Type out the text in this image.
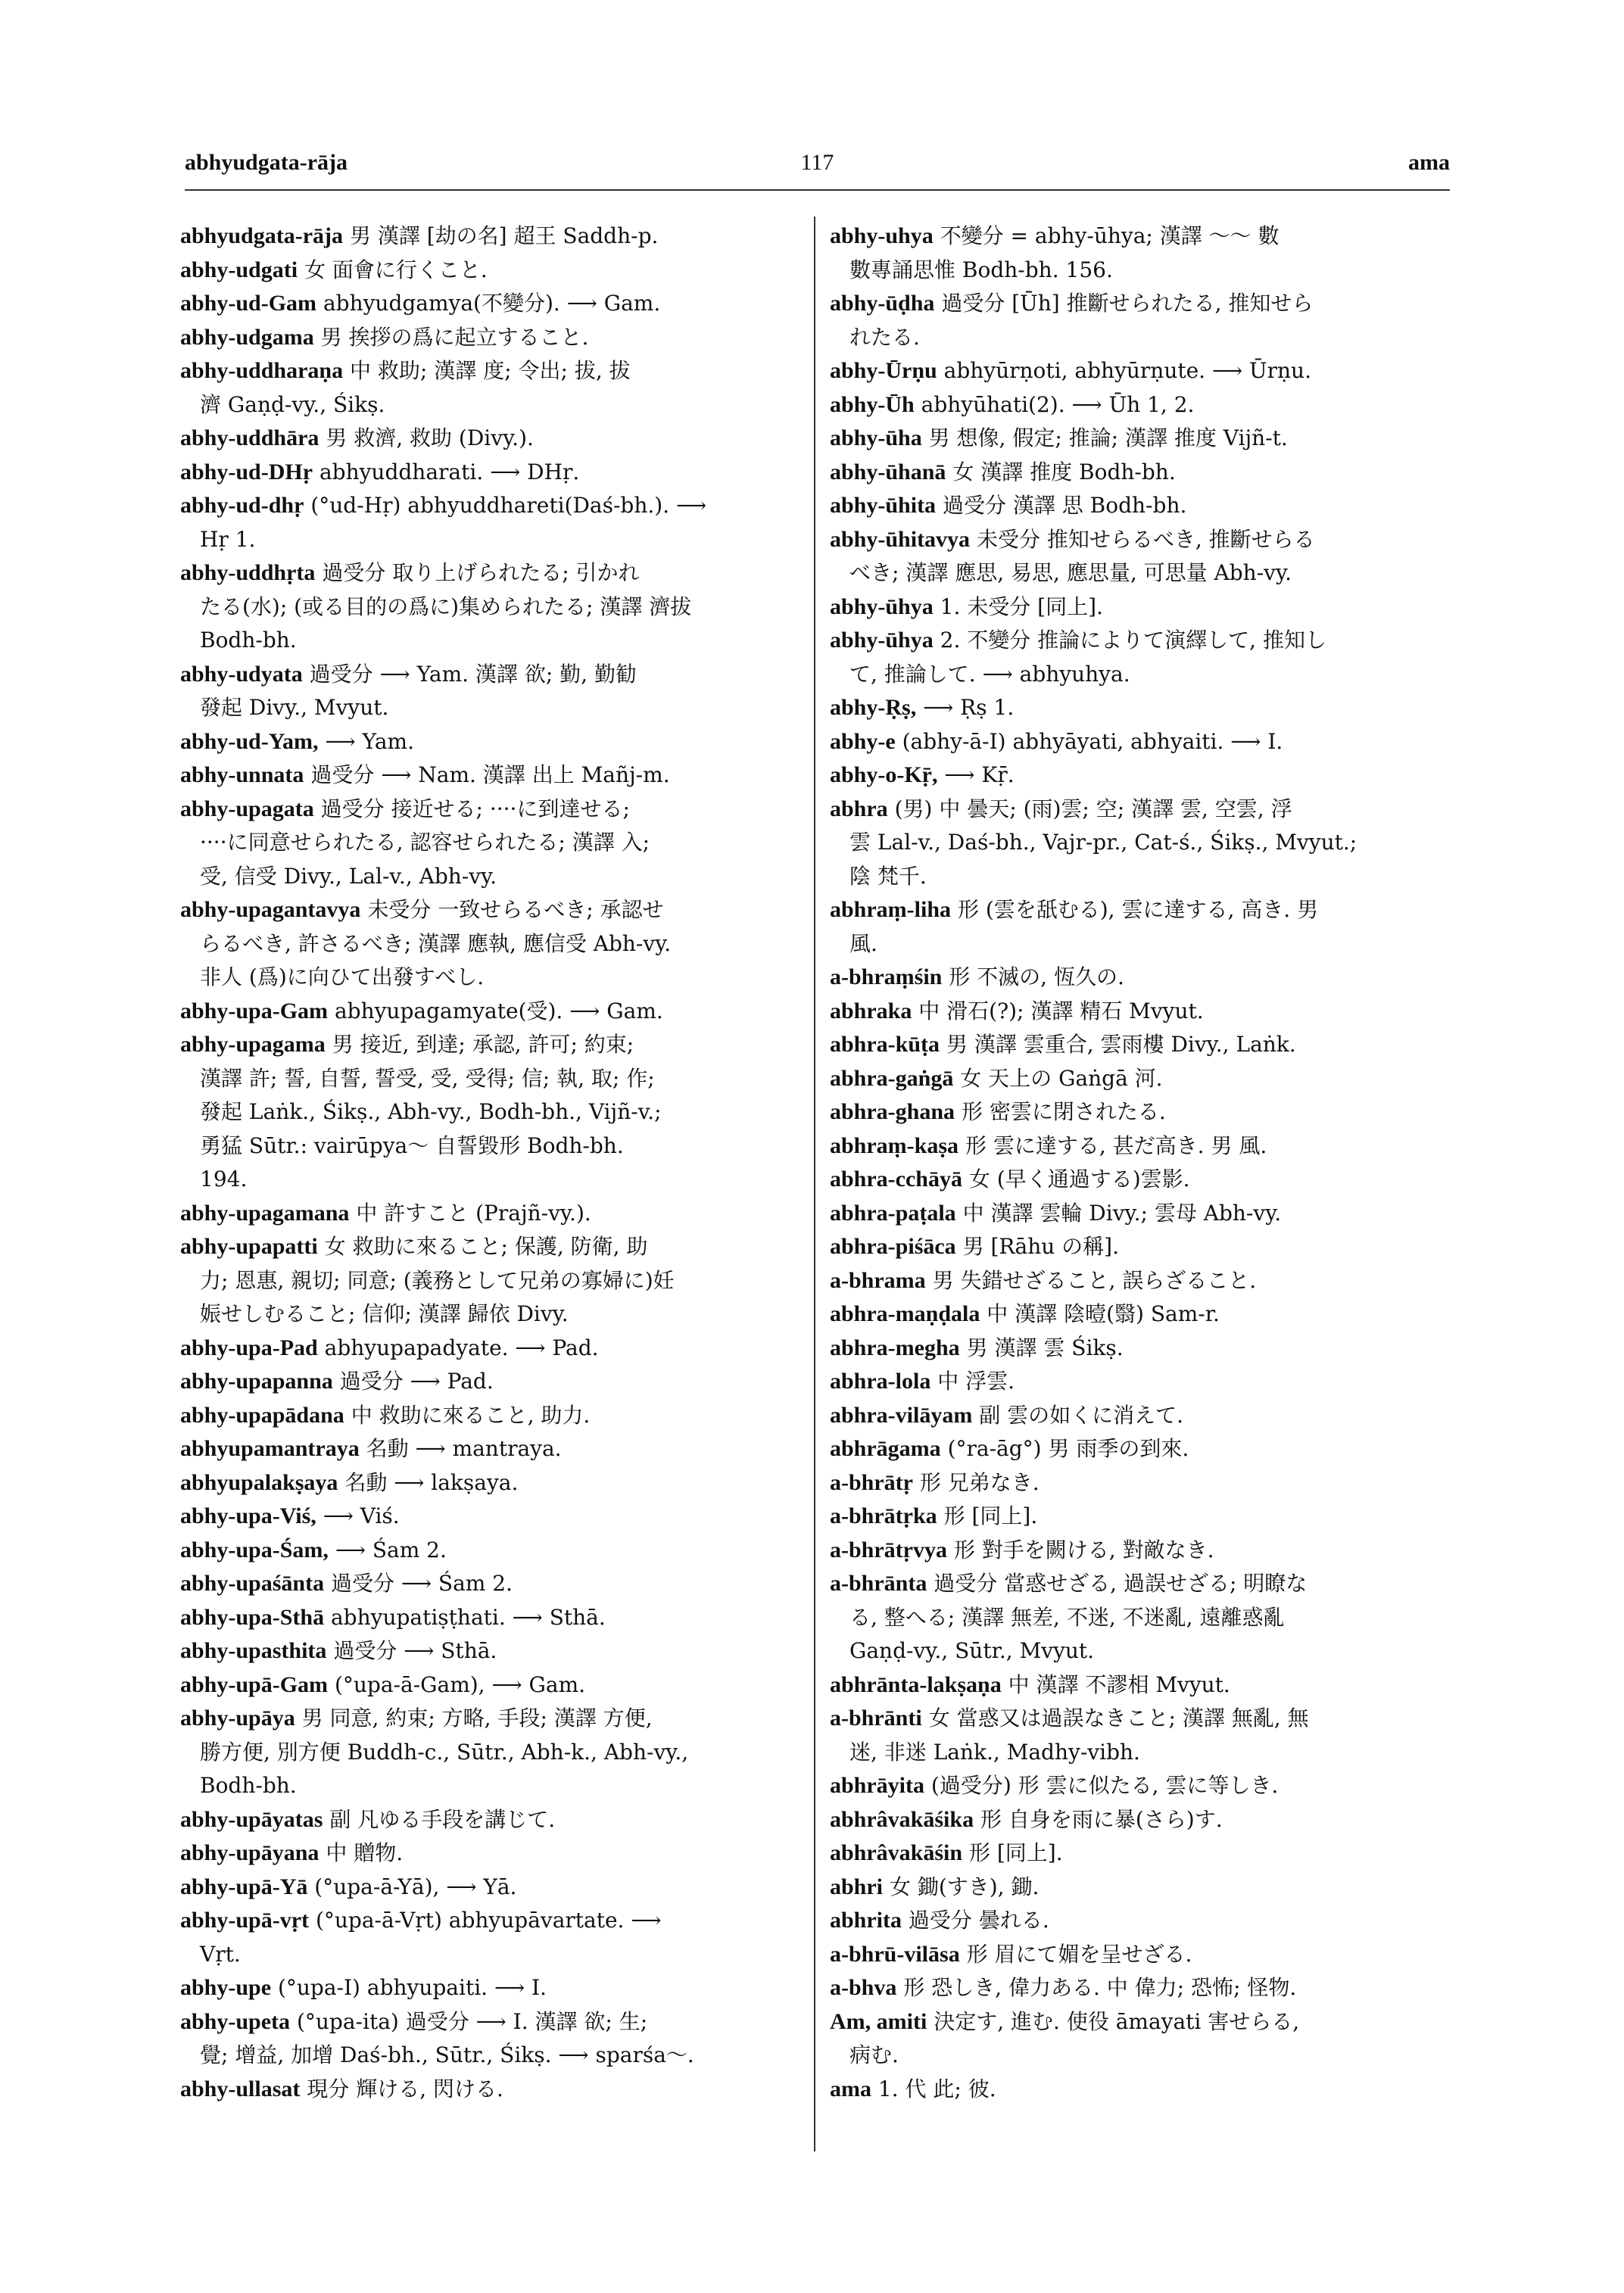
abhyudgata-rāja	117	ama
abhyudgata-rāja 男 漢譯 [劫の名] 超王 Saddh-p.
abhy-udgati 女 面會に行くこと.
abhy-ud-Gam abhyudgamya(不變分). ⟶ Gam.
abhy-udgama 男 挨拶の爲に起立すること.
abhy-uddharaṇa 中 救助; 漢譯 度; 令出; 拔, 拔
濟 Gaṇḍ-vy., Śikṣ.
abhy-uddhāra 男 救濟, 救助 (Divy.).
abhy-ud-DHṛ abhyuddharati. ⟶ DHṛ.
abhy-ud-dhṛ (°ud-Hṛ) abhyuddhareti(Daś-bh.). ⟶
Hṛ 1.
abhy-uddhṛta 過受分 取り上げられたる; 引かれ
たる(水); (或る目的の爲に)集められたる; 漢譯 濟拔
Bodh-bh.
abhy-udyata 過受分 ⟶ Yam. 漢譯 欲; 勤, 勤勧
發起 Divy., Mvyut.
abhy-ud-Yam, ⟶ Yam.
abhy-unnata 過受分 ⟶ Nam. 漢譯 出上 Mañj-m.
abhy-upagata 過受分 接近せる; ····に到達せる;
····に同意せられたる, 認容せられたる; 漢譯 入;
受, 信受 Divy., Lal-v., Abh-vy.
abhy-upagantavya 未受分 一致せらるべき; 承認せ
らるべき, 許さるべき; 漢譯 應執, 應信受 Abh-vy.
非人 (爲)に向ひて出發すべし.
abhy-upa-Gam abhyupagamyate(受). ⟶ Gam.
abhy-upagama 男 接近, 到達; 承認, 許可; 約束;
漢譯 許; 誓, 自誓, 誓受, 受, 受得; 信; 執, 取; 作;
發起 Laṅk., Śikṣ., Abh-vy., Bodh-bh., Vijñ-v.;
勇猛 Sūtr.: vairūpya～ 自誓毀形 Bodh-bh.
194.
abhy-upagamana 中 許すこと (Prajñ-vy.).
abhy-upapatti 女 救助に來ること; 保護, 防衛, 助
力; 恩惠, 親切; 同意; (義務として兄弟の寡婦に)妊
娠せしむること; 信仰; 漢譯 歸依 Divy.
abhy-upa-Pad abhyupapadyate. ⟶ Pad.
abhy-upapanna 過受分 ⟶ Pad.
abhy-upapādana 中 救助に來ること, 助力.
abhyupamantraya 名動 ⟶ mantraya.
abhyupalakṣaya 名動 ⟶ lakṣaya.
abhy-upa-Viś, ⟶ Viś.
abhy-upa-Śam, ⟶ Śam 2.
abhy-upaśānta 過受分 ⟶ Śam 2.
abhy-upa-Sthā abhyupatiṣṭhati. ⟶ Sthā.
abhy-upasthita 過受分 ⟶ Sthā.
abhy-upā-Gam (°upa-ā-Gam), ⟶ Gam.
abhy-upāya 男 同意, 約束; 方略, 手段; 漢譯 方便,
勝方便, 別方便 Buddh-c., Sūtr., Abh-k., Abh-vy.,
Bodh-bh.
abhy-upāyatas 副 凡ゆる手段を講じて.
abhy-upāyana 中 贈物.
abhy-upā-Yā (°upa-ā-Yā), ⟶ Yā.
abhy-upā-vṛt (°upa-ā-Vṛt) abhyupāvartate. ⟶
Vṛt.
abhy-upe (°upa-I) abhyupaiti. ⟶ I.
abhy-upeta (°upa-ita) 過受分 ⟶ I. 漢譯 欲; 生;
覺; 增益, 加增 Daś-bh., Sūtr., Śikṣ. ⟶ sparśa～.
abhy-ullasat 現分 輝ける, 閃ける.
abhy-uhya 不變分 = abhy-ūhya; 漢譯 ～～ 數
數專誦思惟 Bodh-bh. 156.
abhy-ūḍha 過受分 [Ūh] 推斷せられたる, 推知せら
れたる.
abhy-Ūrṇu abhyūrṇoti, abhyūrṇute. ⟶ Ūrṇu.
abhy-Ūh abhyūhati(2). ⟶ Ūh 1, 2.
abhy-ūha 男 想像, 假定; 推論; 漢譯 推度 Vijñ-t.
abhy-ūhanā 女 漢譯 推度 Bodh-bh.
abhy-ūhita 過受分 漢譯 思 Bodh-bh.
abhy-ūhitavya 未受分 推知せらるべき, 推斷せらる
べき; 漢譯 應思, 易思, 應思量, 可思量 Abh-vy.
abhy-ūhya 1. 未受分 [同上].
abhy-ūhya 2. 不變分 推論によりて演繹して, 推知し
て, 推論して. ⟶ abhyuhya.
abhy-Ṛṣ, ⟶ Ṛṣ 1.
abhy-e (abhy-ā-I) abhyāyati, abhyaiti. ⟶ I.
abhy-o-Kṝ, ⟶ Kṝ.
abhra (男) 中 曇天; (雨)雲; 空; 漢譯 雲, 空雲, 浮
雲 Lal-v., Daś-bh., Vajr-pr., Cat-ś., Śikṣ., Mvyut.;
陰 梵千.
abhraṃ-liha 形 (雲を舐むる), 雲に達する, 高き. 男
風.
a-bhraṃśin 形 不滅の, 恆久の.
abhraka 中 滑石(?); 漢譯 精石 Mvyut.
abhra-kūṭa 男 漢譯 雲重合, 雲雨樓 Divy., Laṅk.
abhra-gaṅgā 女 天上の Gaṅgā 河.
abhra-ghana 形 密雲に閉されたる.
abhraṃ-kaṣa 形 雲に達する, 甚だ高き. 男 風.
abhra-cchāyā 女 (早く通過する)雲影.
abhra-paṭala 中 漢譯 雲輪 Divy.; 雲母 Abh-vy.
abhra-piśāca 男 [Rāhu の稱].
a-bhrama 男 失錯せざること, 誤らざること.
abhra-maṇḍala 中 漢譯 陰曀(翳) Sam-r.
abhra-megha 男 漢譯 雲 Śikṣ.
abhra-lola 中 浮雲.
abhra-vilāyam 副 雲の如くに消えて.
abhrāgama (°ra-āg°) 男 雨季の到來.
a-bhrātṛ 形 兄弟なき.
a-bhrātṛka 形 [同上].
a-bhrātṛvya 形 對手を闕ける, 對敵なき.
a-bhrānta 過受分 當惑せざる, 過誤せざる; 明瞭な
る, 整へる; 漢譯 無差, 不迷, 不迷亂, 遠離惑亂
Gaṇḍ-vy., Sūtr., Mvyut.
abhrānta-lakṣaṇa 中 漢譯 不謬相 Mvyut.
a-bhrānti 女 當惑又は過誤なきこと; 漢譯 無亂, 無
迷, 非迷 Laṅk., Madhy-vibh.
abhrāyita (過受分) 形 雲に似たる, 雲に等しき.
abhrâvakāśika 形 自身を雨に暴(さら)す.
abhrâvakāśin 形 [同上].
abhri 女 鋤(すき), 鋤.
abhrita 過受分 曇れる.
a-bhrū-vilāsa 形 眉にて媚を呈せざる.
a-bhva 形 恐しき, 偉力ある. 中 偉力; 恐怖; 怪物.
Am, amiti 決定す, 進む. 使役 āmayati 害せらる,
病む.
ama 1. 代 此; 彼.
